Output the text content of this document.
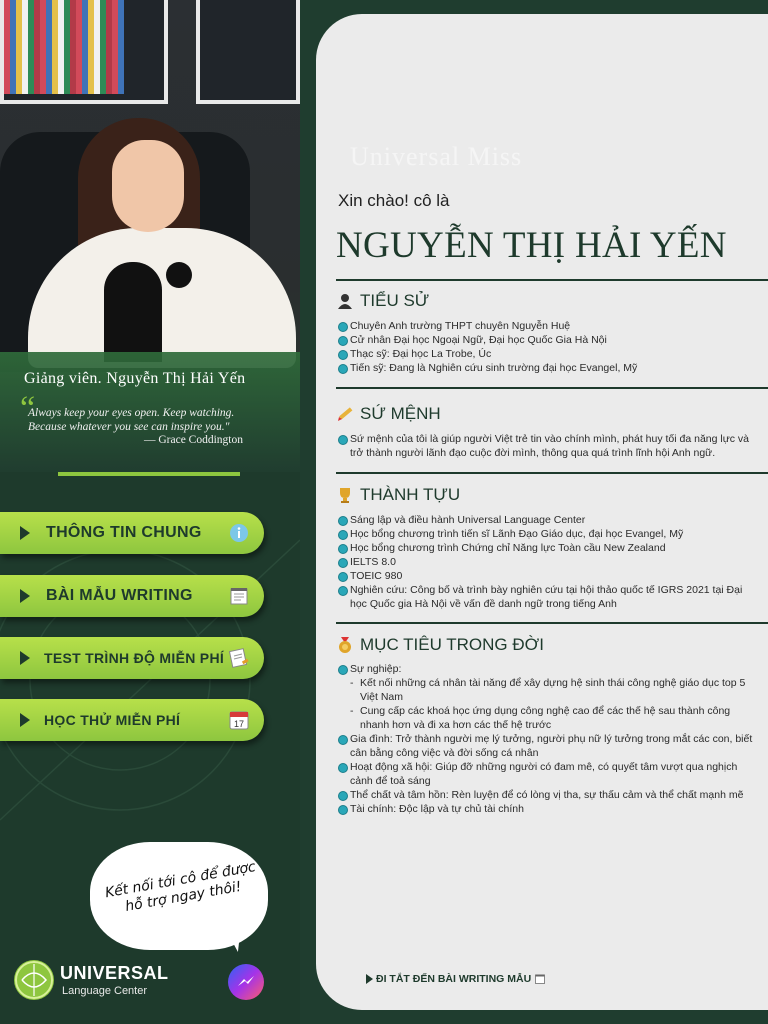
Giảng viên. Nguyễn Thị Hải Yến
“
Always keep your eyes open. Keep watching. Because whatever you see can inspire you."
— Grace Coddington
THÔNG TIN CHUNG
BÀI MẪU WRITING
TEST TRÌNH ĐỘ MIỄN PHÍ
HỌC THỬ MIỄN PHÍ	17
Kết nối tới cô để được hỗ trợ ngay thôi!
UNIVERSAL
Language Center
Universal Miss
Xin chào! cô là
NGUYỄN THỊ HẢI YẾN
TIỂU SỬ
Chuyên Anh trường THPT chuyên Nguyễn Huệ
Cử nhân Đại học Ngoại Ngữ, Đại học Quốc Gia Hà Nội
Thạc sỹ: Đại học La Trobe, Úc
Tiến sỹ: Đang là Nghiên cứu sinh trường đại học Evangel, Mỹ
SỨ MỆNH
Sứ mệnh của tôi là giúp người Việt trẻ tin vào chính mình, phát huy tối đa năng lực và trở thành người lãnh đạo cuộc đời mình, thông qua quá trình lĩnh hội Anh ngữ.
THÀNH TỰU
Sáng lập và điều hành Universal Language Center
Học bổng chương trình tiến sĩ Lãnh Đạo Giáo dục, đại học Evangel, Mỹ
Học bổng chương trình Chứng chỉ Năng lực Toàn cầu New Zealand
IELTS 8.0
TOEIC 980
Nghiên cứu: Công bố và trình bày nghiên cứu tại hội thảo quốc tế IGRS 2021 tại Đại học Quốc gia Hà Nội về vấn đề danh ngữ trong tiếng Anh
MỤC TIÊU TRONG ĐỜI
Sự nghiệp:
- Kết nối những cá nhân tài năng để xây dựng hệ sinh thái công nghệ giáo dục top 5 Việt Nam
- Cung cấp các khoá học ứng dụng công nghệ cao để các thế hệ sau thành công nhanh hơn và đi xa hơn các thế hệ trước
Gia đình: Trở thành người mẹ lý tưởng, người phụ nữ lý tưởng trong mắt các con, biết cân bằng công việc và đời sống cá nhân
Hoạt động xã hội: Giúp đỡ những người có đam mê, có quyết tâm vượt qua nghịch cảnh để toả sáng
Thể chất và tâm hồn: Rèn luyện để có lòng vị tha, sự thấu cảm và thể chất mạnh mẽ
Tài chính: Độc lập và tự chủ tài chính
ĐI TẮT ĐẾN BÀI WRITING MẪU
